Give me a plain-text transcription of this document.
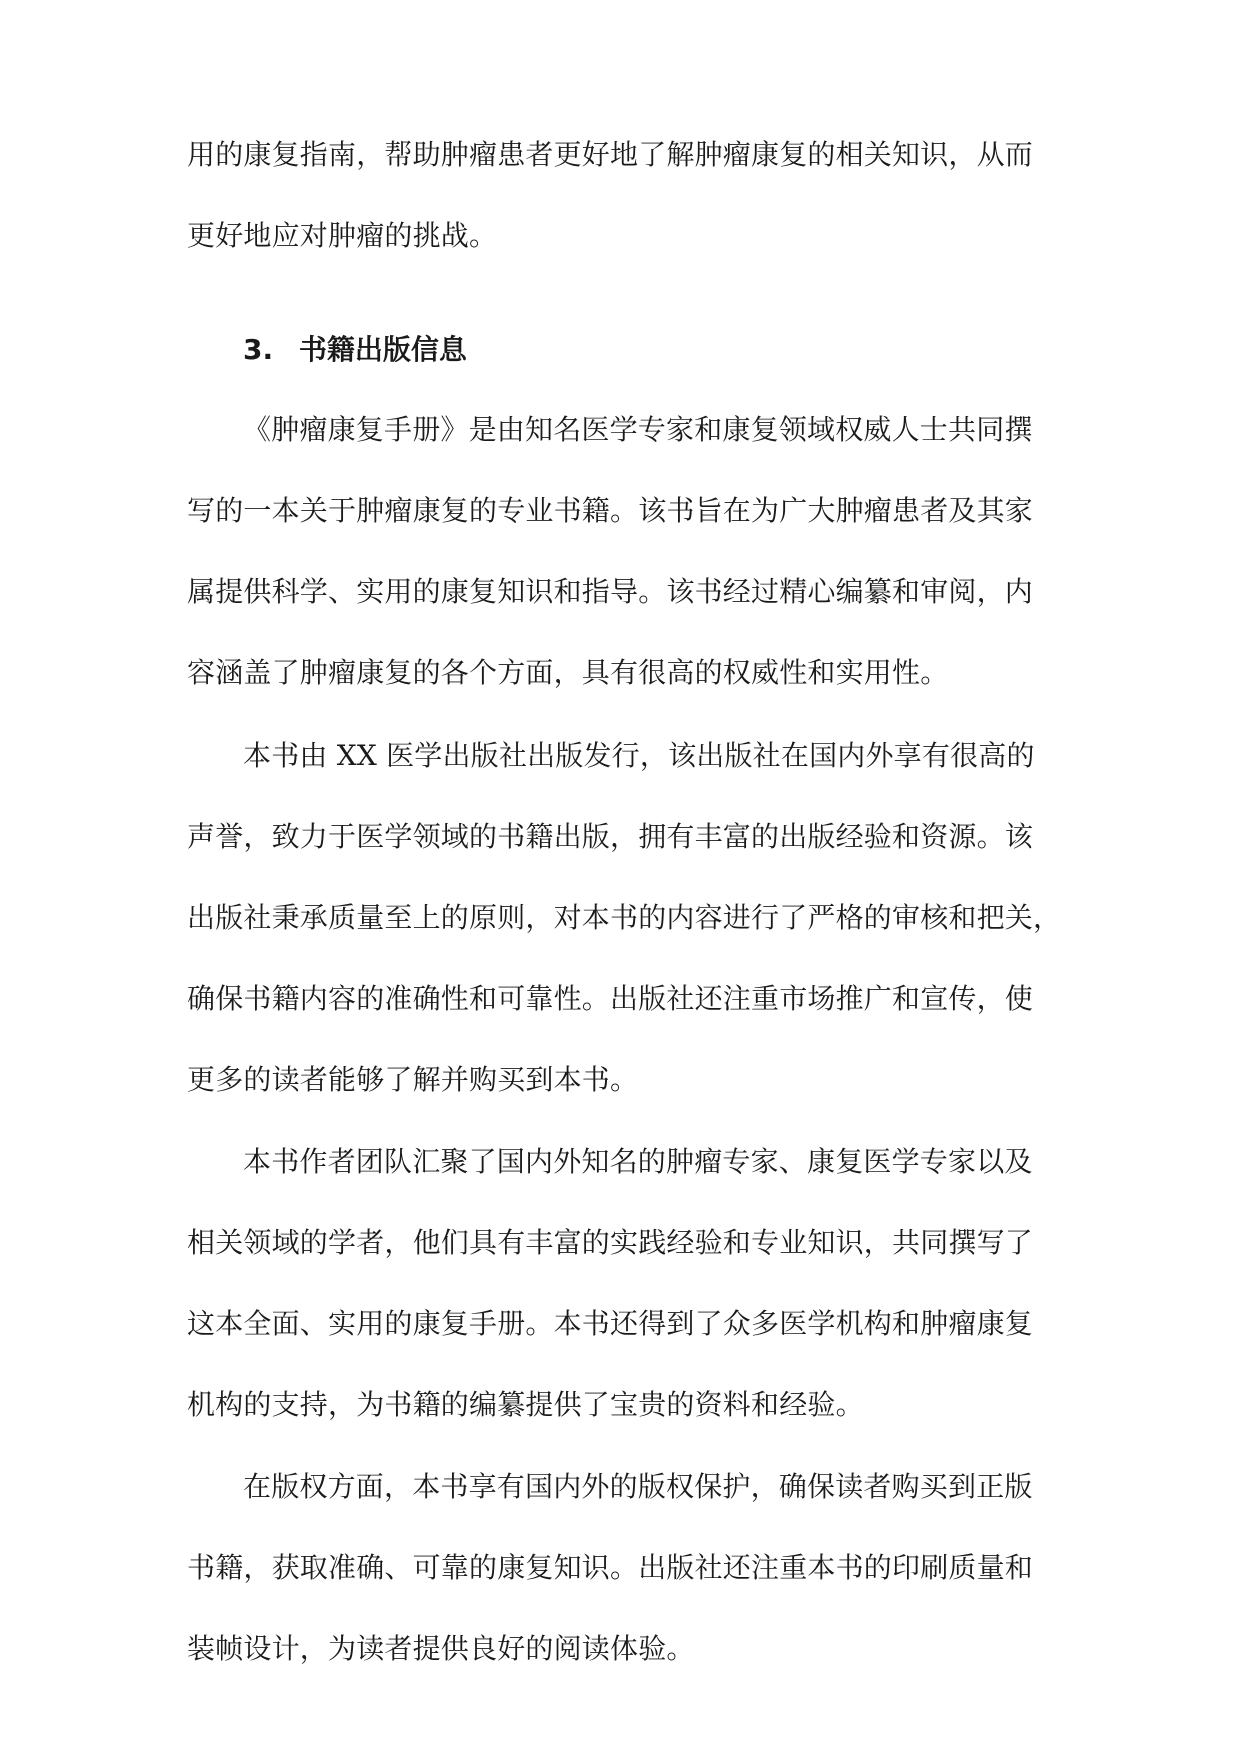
用的康复指南，帮助肿瘤患者更好地了解肿瘤康复的相关知识，从而
更好地应对肿瘤的挑战。
3. 书籍出版信息
《肿瘤康复手册》是由知名医学专家和康复领域权威人士共同撰
写的一本关于肿瘤康复的专业书籍。该书旨在为广大肿瘤患者及其家
属提供科学、实用的康复知识和指导。该书经过精心编纂和审阅，内
容涵盖了肿瘤康复的各个方面，具有很高的权威性和实用性。
本书由 XX 医学出版社出版发行，该出版社在国内外享有很高的
声誉，致力于医学领域的书籍出版，拥有丰富的出版经验和资源。该
出版社秉承质量至上的原则，对本书的内容进行了严格的审核和把关，
确保书籍内容的准确性和可靠性。出版社还注重市场推广和宣传，使
更多的读者能够了解并购买到本书。
本书作者团队汇聚了国内外知名的肿瘤专家、康复医学专家以及
相关领域的学者，他们具有丰富的实践经验和专业知识，共同撰写了
这本全面、实用的康复手册。本书还得到了众多医学机构和肿瘤康复
机构的支持，为书籍的编纂提供了宝贵的资料和经验。
在版权方面，本书享有国内外的版权保护，确保读者购买到正版
书籍，获取准确、可靠的康复知识。出版社还注重本书的印刷质量和
装帧设计，为读者提供良好的阅读体验。
